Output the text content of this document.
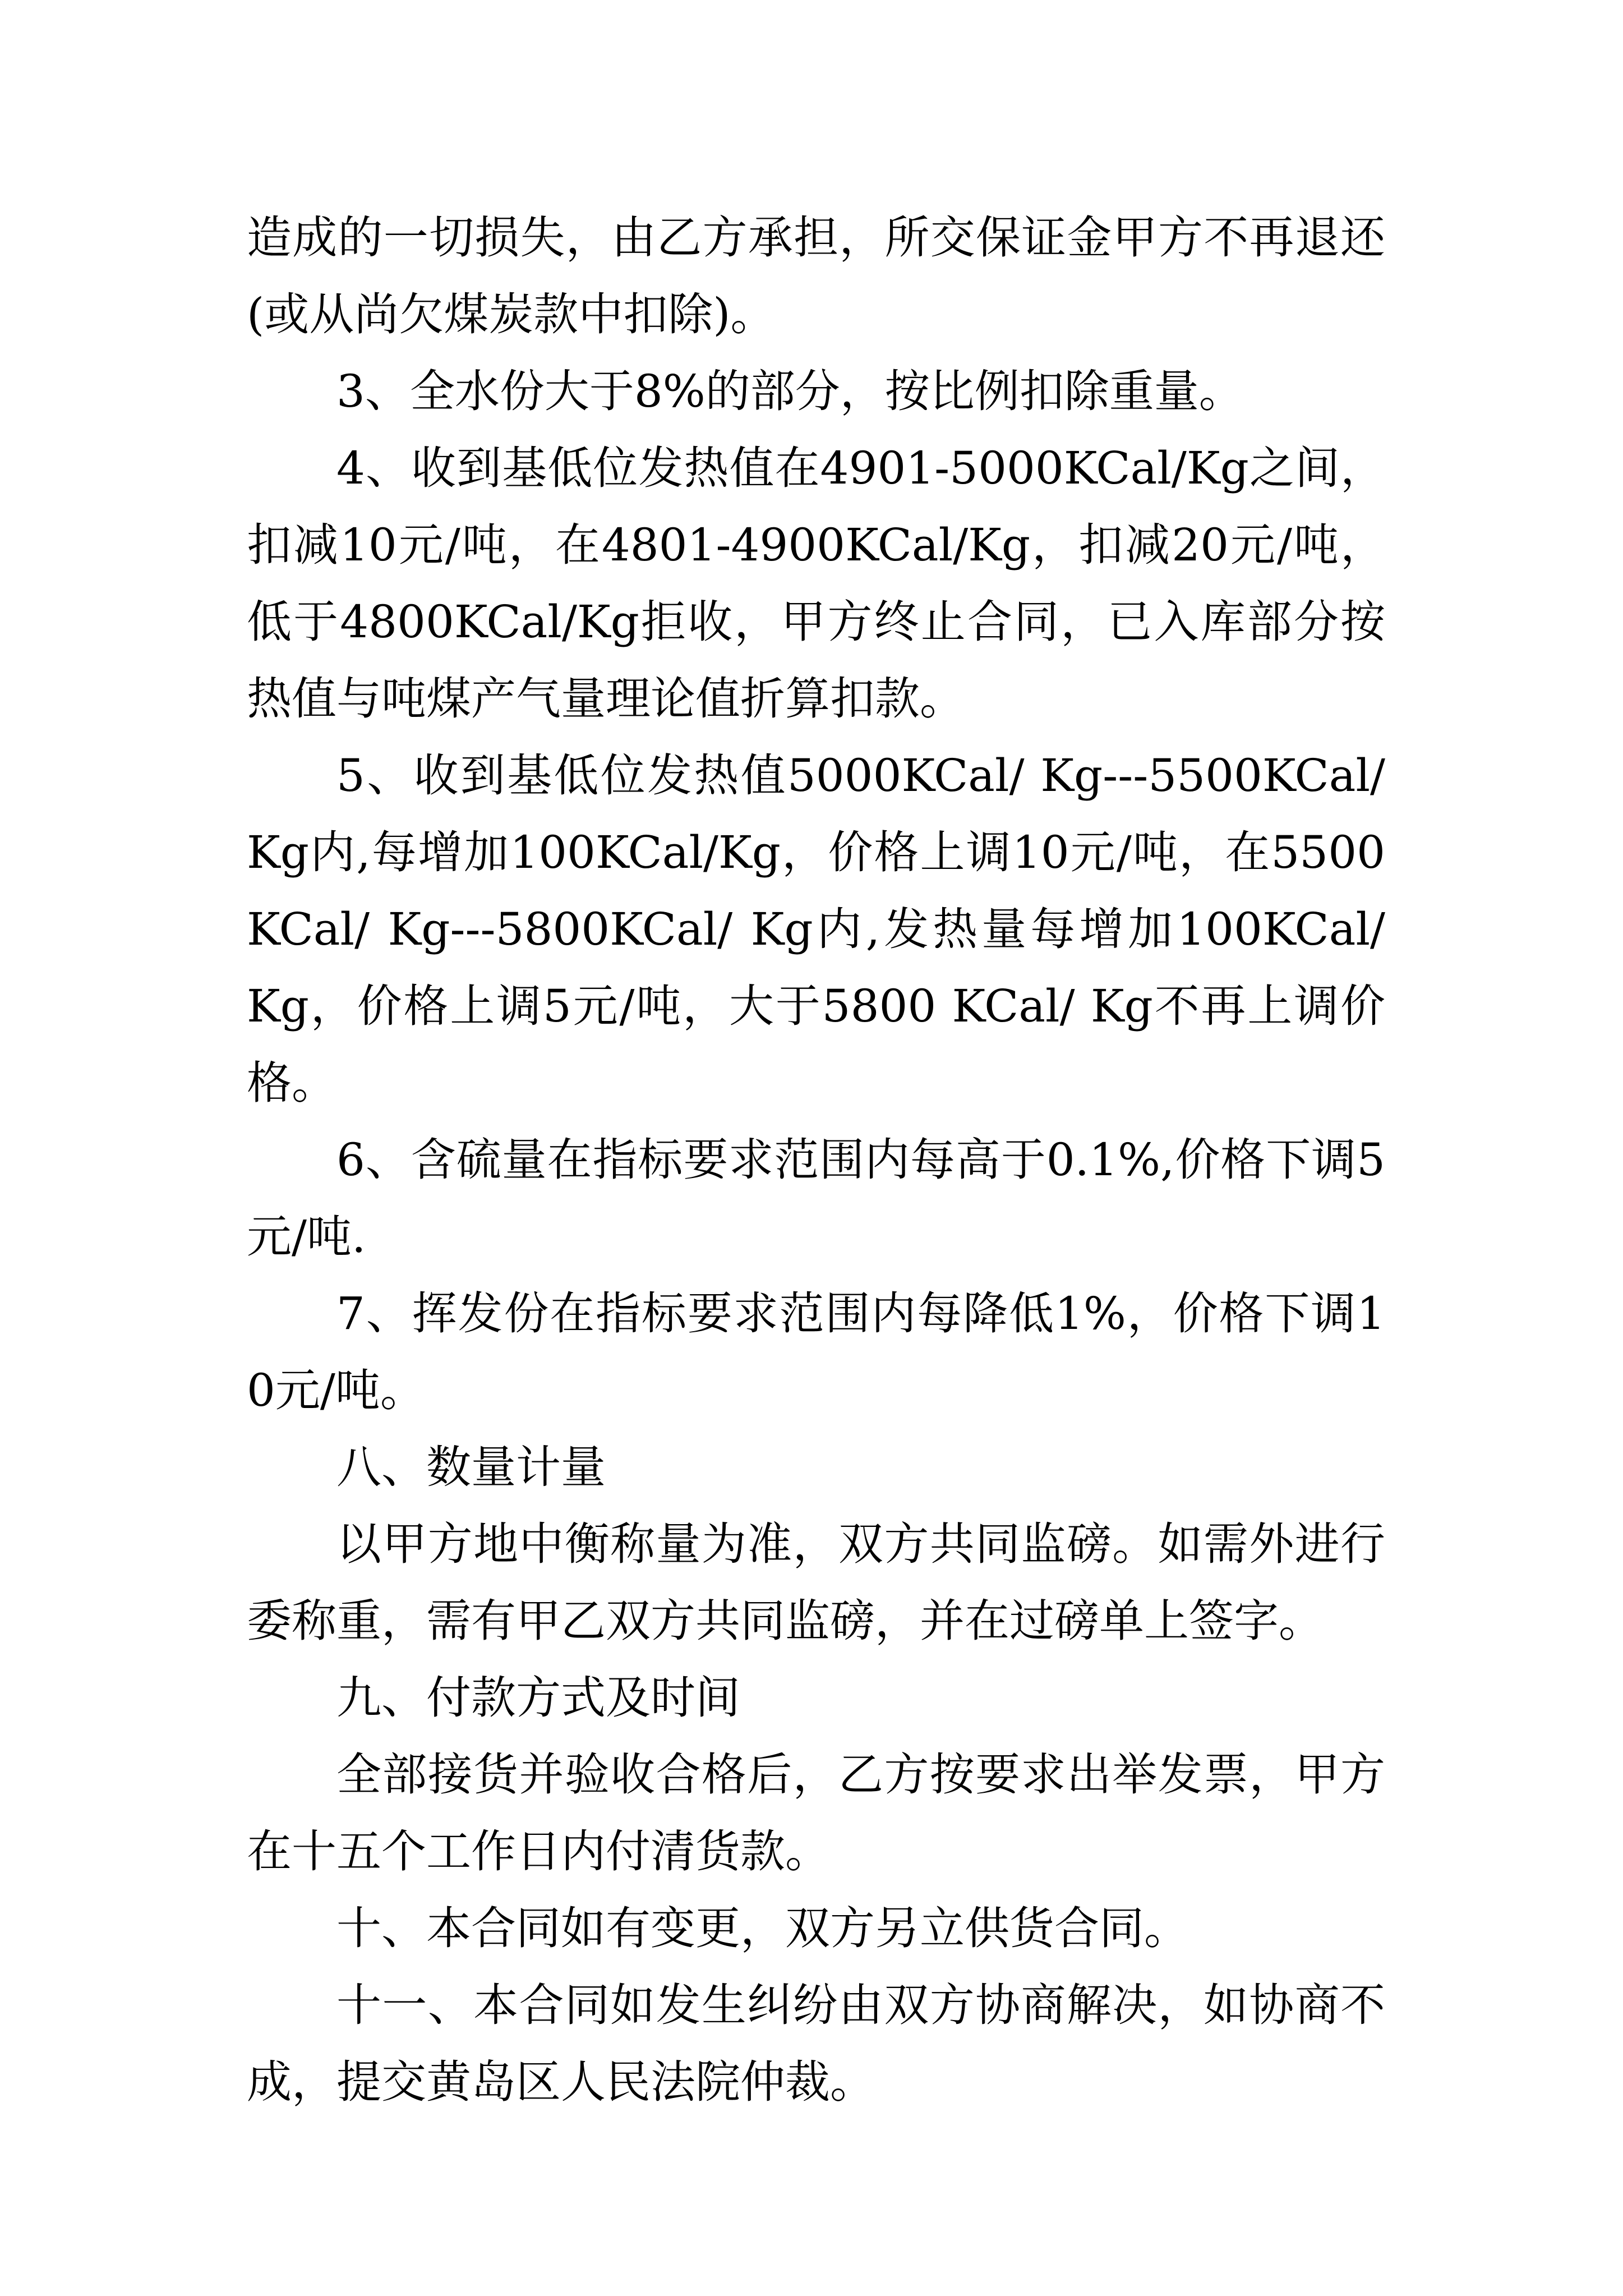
造成的一切损失，由乙方承担，所交保证金甲方不再退还(或从尚欠煤炭款中扣除)。

3、全水份大于8%的部分，按比例扣除重量。

4、收到基低位发热值在4901-5000KCal/Kg之间，扣减10元/吨，在4801-4900KCal/Kg，扣减20元/吨，低于4800KCal/Kg拒收，甲方终止合同，已入库部分按热值与吨煤产气量理论值折算扣款。

5、收到基低位发热值5000KCal/ Kg---5500KCal/ Kg内,每增加100KCal/Kg，价格上调10元/吨，在5500KCal/ Kg---5800KCal/ Kg内,发热量每增加100KCal/ Kg，价格上调5元/吨，大于5800 KCal/ Kg不再上调价格。

6、含硫量在指标要求范围内每高于0.1%,价格下调5元/吨.

7、挥发份在指标要求范围内每降低1%，价格下调10元/吨。

八、数量计量

以甲方地中衡称量为准，双方共同监磅。如需外进行委称重，需有甲乙双方共同监磅，并在过磅单上签字。

九、付款方式及时间

全部接货并验收合格后，乙方按要求出举发票，甲方在十五个工作日内付清货款。

十、本合同如有变更，双方另立供货合同。

十一、本合同如发生纠纷由双方协商解决，如协商不成，提交黄岛区人民法院仲裁。
